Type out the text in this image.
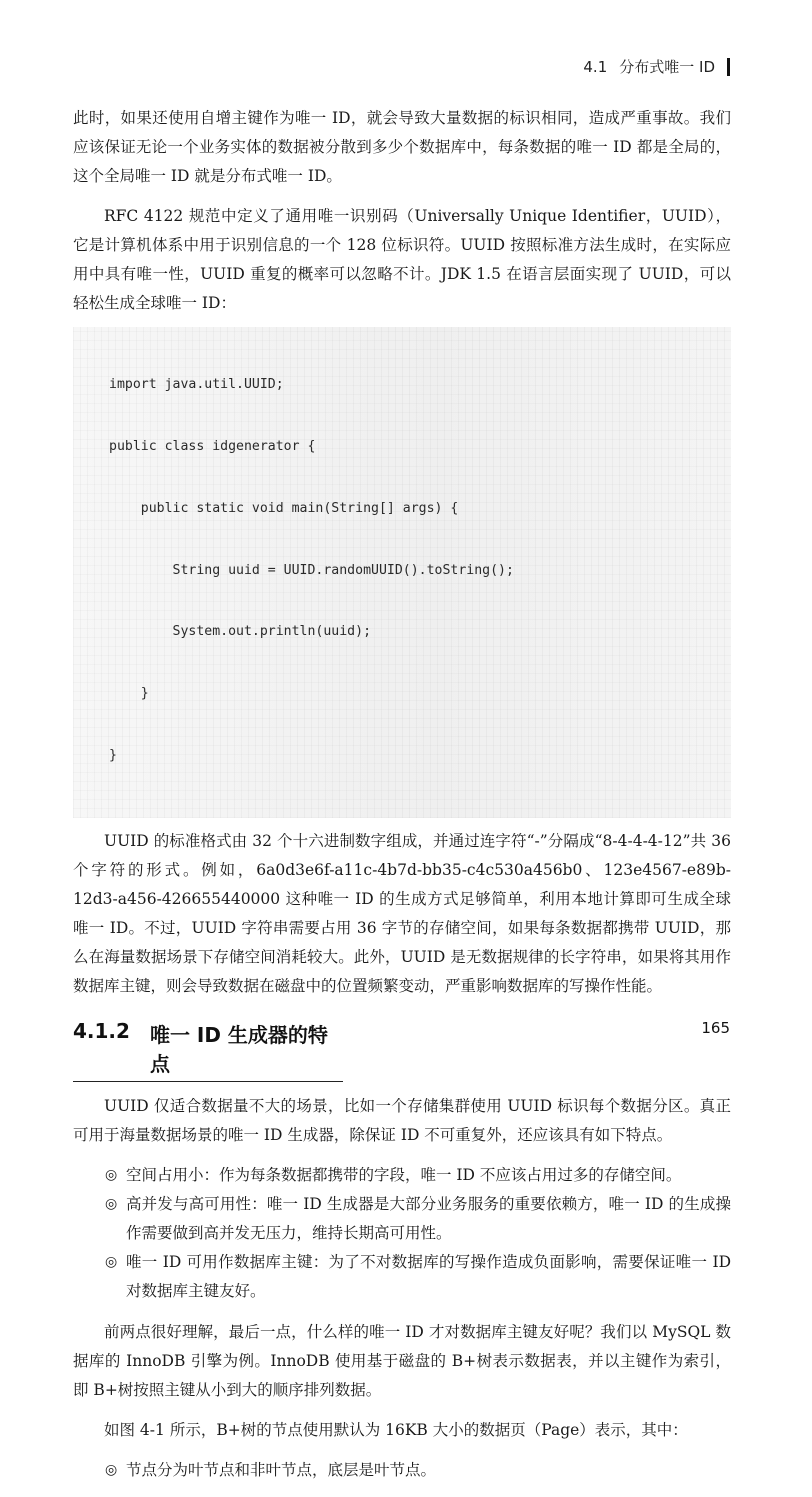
4.1 分布式唯一 ID

此时，如果还使用自增主键作为唯一 ID，就会导致大量数据的标识相同，造成严重事故。我们应该保证无论一个业务实体的数据被分散到多少个数据库中，每条数据的唯一 ID 都是全局的，这个全局唯一 ID 就是分布式唯一 ID。

RFC 4122 规范中定义了通用唯一识别码（Universally Unique Identifier，UUID），它是计算机体系中用于识别信息的一个 128 位标识符。UUID 按照标准方法生成时，在实际应用中具有唯一性，UUID 重复的概率可以忽略不计。JDK 1.5 在语言层面实现了 UUID，可以轻松生成全球唯一 ID：

import java.util.UUID;

public class idgenerator {

public static void main(String[] args) {

String uuid = UUID.randomUUID().toString();

System.out.println(uuid);

}

}

UUID 的标准格式由 32 个十六进制数字组成，并通过连字符“-”分隔成“8-4-4-4-12”共 36 个字符的形式。例如，6a0d3e6f-a11c-4b7d-bb35-c4c530a456b0、123e4567-e89b-12d3-a456-426655440000 这种唯一 ID 的生成方式足够简单，利用本地计算即可生成全球唯一 ID。不过，UUID 字符串需要占用 36 字节的存储空间，如果每条数据都携带 UUID，那么在海量数据场景下存储空间消耗较大。此外，UUID 是无数据规律的长字符串，如果将其用作数据库主键，则会导致数据在磁盘中的位置频繁变动，严重影响数据库的写操作性能。

4.1.2 唯一 ID 生成器的特点

UUID 仅适合数据量不大的场景，比如一个存储集群使用 UUID 标识每个数据分区。真正可用于海量数据场景的唯一 ID 生成器，除保证 ID 不可重复外，还应该具有如下特点。

◎ 空间占用小：作为每条数据都携带的字段，唯一 ID 不应该占用过多的存储空间。
◎ 高并发与高可用性：唯一 ID 生成器是大部分业务服务的重要依赖方，唯一 ID 的生成操作需要做到高并发无压力，维持长期高可用性。
◎ 唯一 ID 可用作数据库主键：为了不对数据库的写操作造成负面影响，需要保证唯一 ID 对数据库主键友好。

前两点很好理解，最后一点，什么样的唯一 ID 才对数据库主键友好呢？我们以 MySQL 数据库的 InnoDB 引擎为例。InnoDB 使用基于磁盘的 B+树表示数据表，并以主键作为索引，即 B+树按照主键从小到大的顺序排列数据。

如图 4-1 所示，B+树的节点使用默认为 16KB 大小的数据页（Page）表示，其中：

◎ 节点分为叶节点和非叶节点，底层是叶节点。
165
